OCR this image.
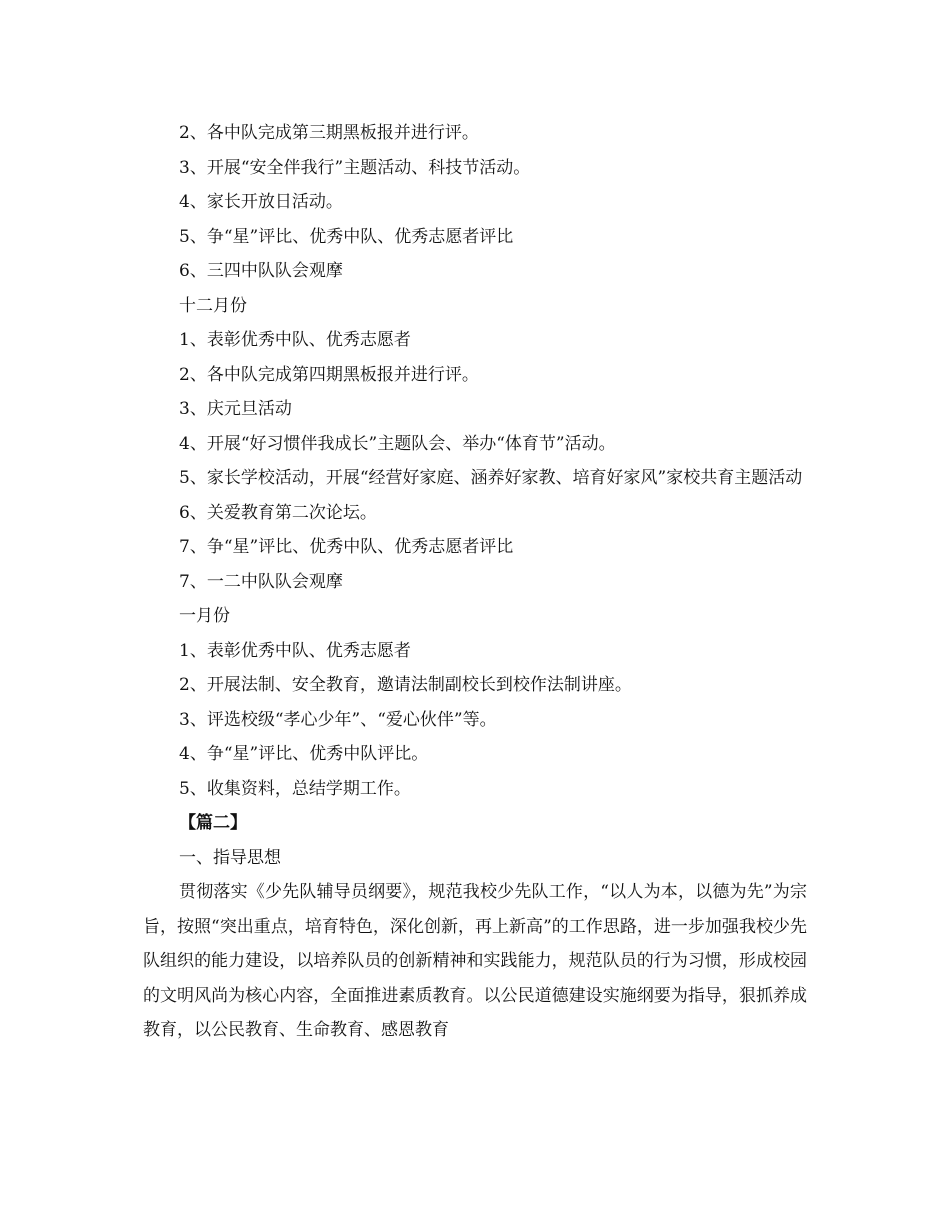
2、各中队完成第三期黑板报并进行评。

3、开展“安全伴我行”主题活动、科技节活动。

4、家长开放日活动。

5、争“星”评比、优秀中队、优秀志愿者评比

6、三四中队队会观摩

十二月份

1、表彰优秀中队、优秀志愿者

2、各中队完成第四期黑板报并进行评。

3、庆元旦活动

4、开展“好习惯伴我成长”主题队会、举办“体育节”活动。

5、家长学校活动，开展“经营好家庭、涵养好家教、培育好家风”家校共育主题活动

6、关爱教育第二次论坛。

7、争“星”评比、优秀中队、优秀志愿者评比

7、一二中队队会观摩

一月份

1、表彰优秀中队、优秀志愿者

2、开展法制、安全教育，邀请法制副校长到校作法制讲座。

3、评选校级“孝心少年”、“爱心伙伴”等。

4、争“星”评比、优秀中队评比。

5、收集资料，总结学期工作。

【篇二】

一、指导思想

贯彻落实《少先队辅导员纲要》，规范我校少先队工作，“以人为本，以德为先”为宗旨，按照“突出重点，培育特色，深化创新，再上新高”的工作思路，进一步加强我校少先队组织的能力建设，以培养队员的创新精神和实践能力，规范队员的行为习惯，形成校园的文明风尚为核心内容，全面推进素质教育。以公民道德建设实施纲要为指导，狠抓养成教育，以公民教育、生命教育、感恩教育
